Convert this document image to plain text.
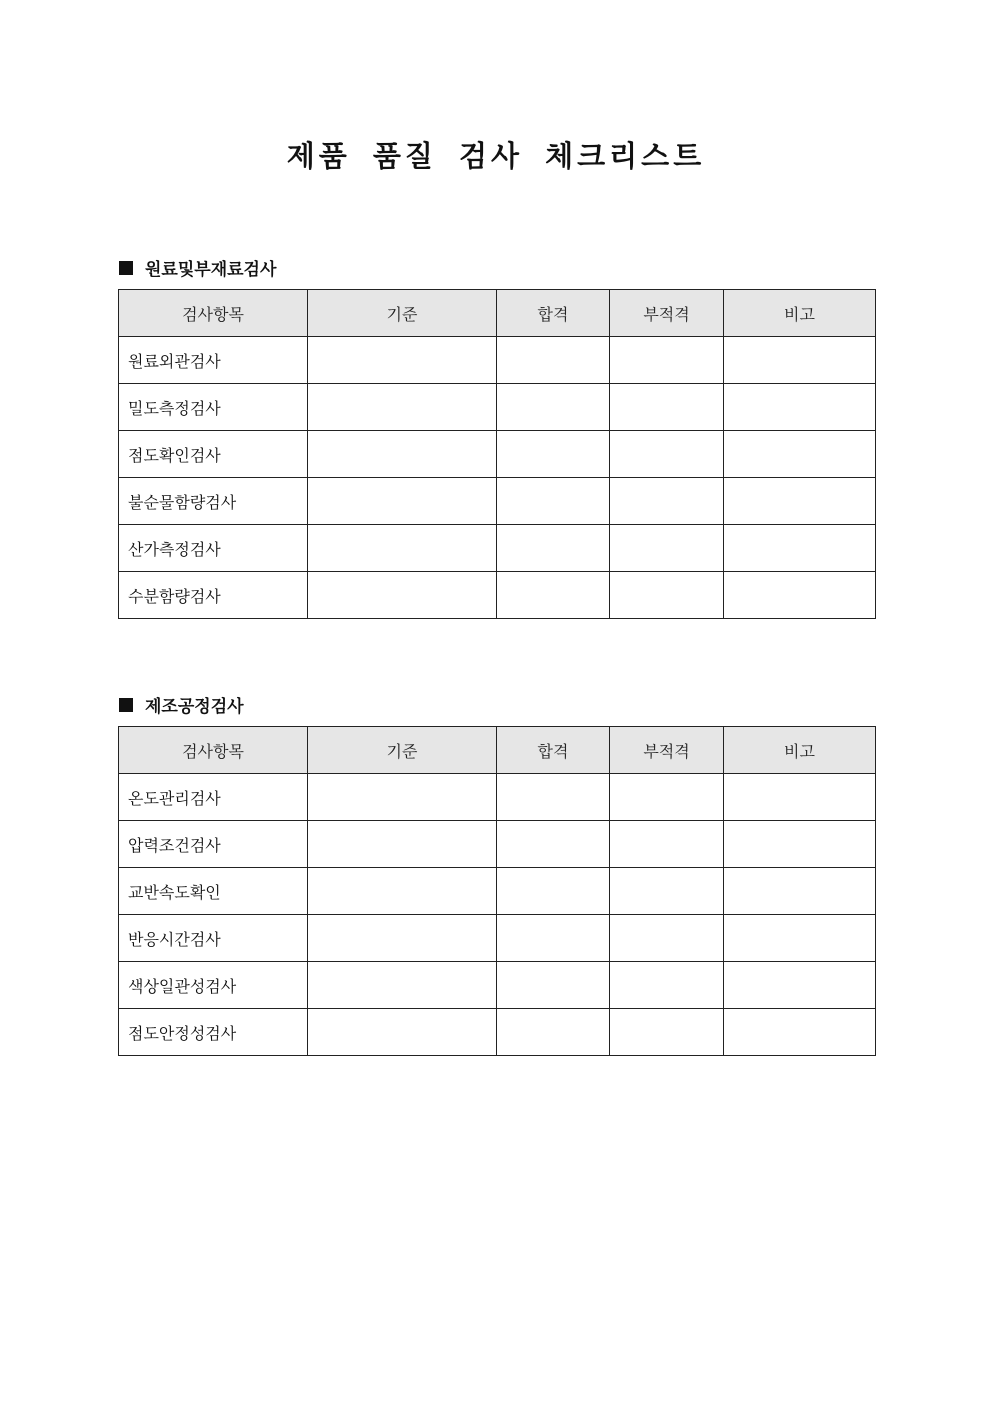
제품 품질 검사 체크리스트
원료및부재료검사
검사항목	기준	합격	부적격	비고
원료외관검사				
밀도측정검사				
점도확인검사				
불순물함량검사				
산가측정검사				
수분함량검사				
제조공정검사
검사항목	기준	합격	부적격	비고
온도관리검사				
압력조건검사				
교반속도확인				
반응시간검사				
색상일관성검사				
점도안정성검사				
